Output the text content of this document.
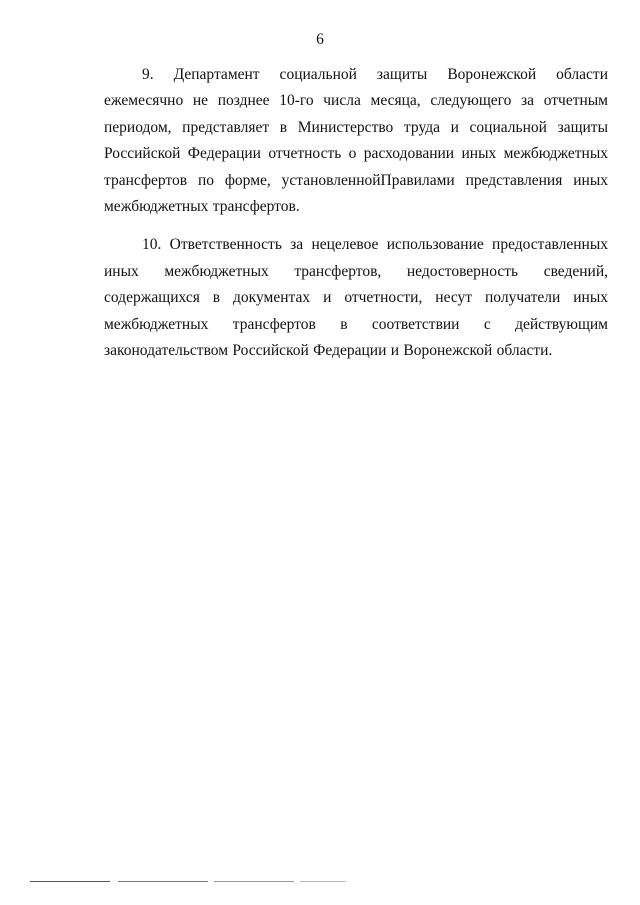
6

9. Департамент социальной защиты Воронежской области ежемесячно не позднее 10-го числа месяца, следующего за отчетным периодом, представляет в Министерство труда и социальной защиты Российской Федерации отчетность о расходовании иных межбюджетных трансфертов по форме, установленнойПравилами представления иных межбюджетных трансфертов.

10. Ответственность за нецелевое использование предоставленных иных межбюджетных трансфертов, недостоверность сведений, содержащихся в документах и отчетности, несут получатели иных межбюджетных трансфертов в соответствии с действующим законодательством Российской Федерации и Воронежской области.
